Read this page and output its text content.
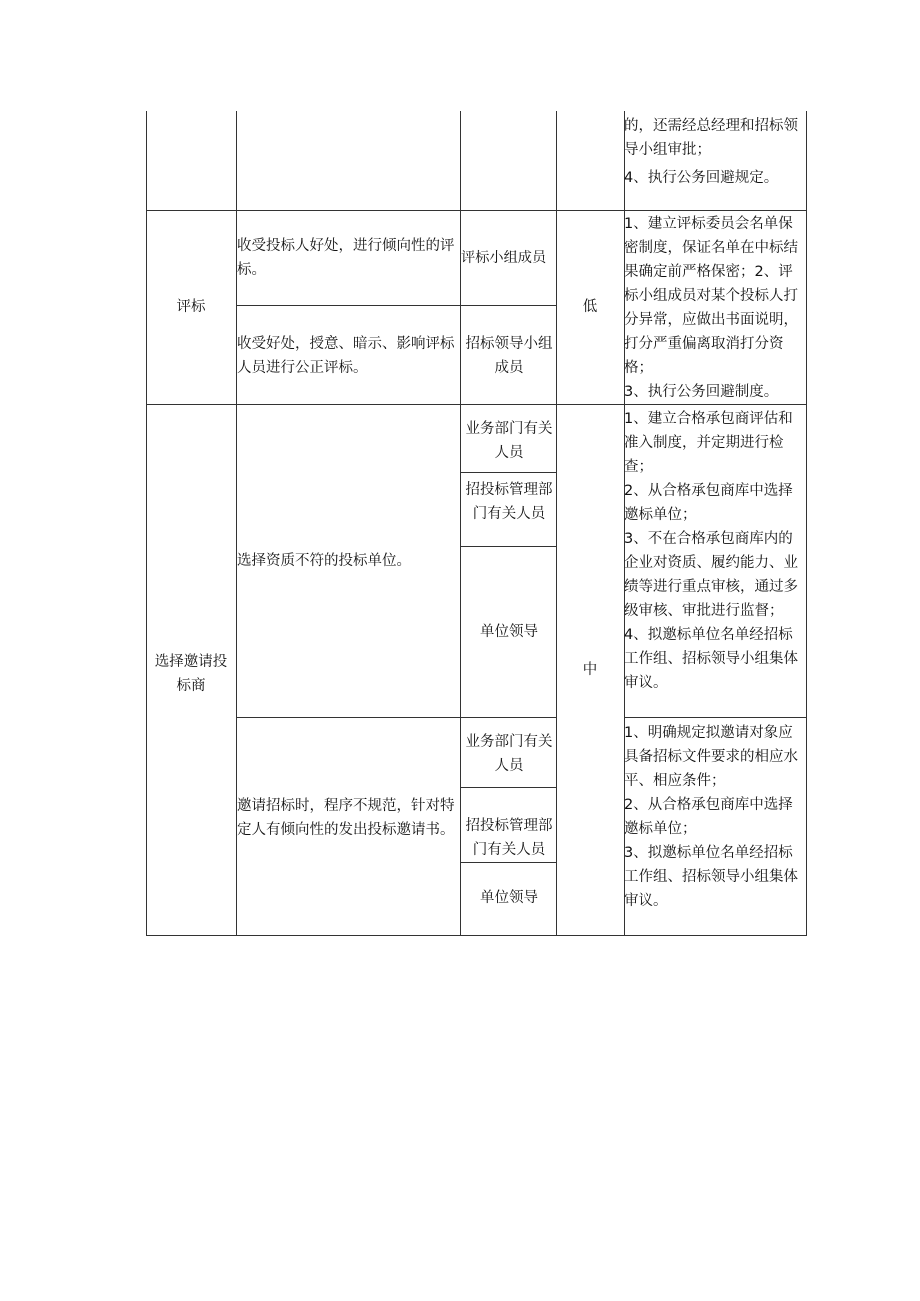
的，还需经总经理和招标领导小组审批；

4、执行公务回避规定。

评标
收受投标人好处，进行倾向性的评标。
评标小组成员
收受好处，授意、暗示、影响评标人员进行公正评标。
招标领导小组成员
低

1、建立评标委员会名单保密制度，保证名单在中标结果确定前严格保密；2、评标小组成员对某个投标人打分异常，应做出书面说明，打分严重偏离取消打分资格；

3、执行公务回避制度。

选择邀请投标商
中
选择资质不符的投标单位。
业务部门有关人员
招投标管理部门有关人员
单位领导

1、建立合格承包商评估和准入制度，并定期进行检查；

2、从合格承包商库中选择邀标单位；

3、不在合格承包商库内的企业对资质、履约能力、业绩等进行重点审核，通过多级审核、审批进行监督；

4、拟邀标单位名单经招标工作组、招标领导小组集体审议。

邀请招标时，程序不规范，针对特定人有倾向性的发出投标邀请书。
业务部门有关人员
招投标管理部门有关人员
单位领导

1、明确规定拟邀请对象应具备招标文件要求的相应水平、相应条件；

2、从合格承包商库中选择邀标单位；

3、拟邀标单位名单经招标工作组、招标领导小组集体审议。
